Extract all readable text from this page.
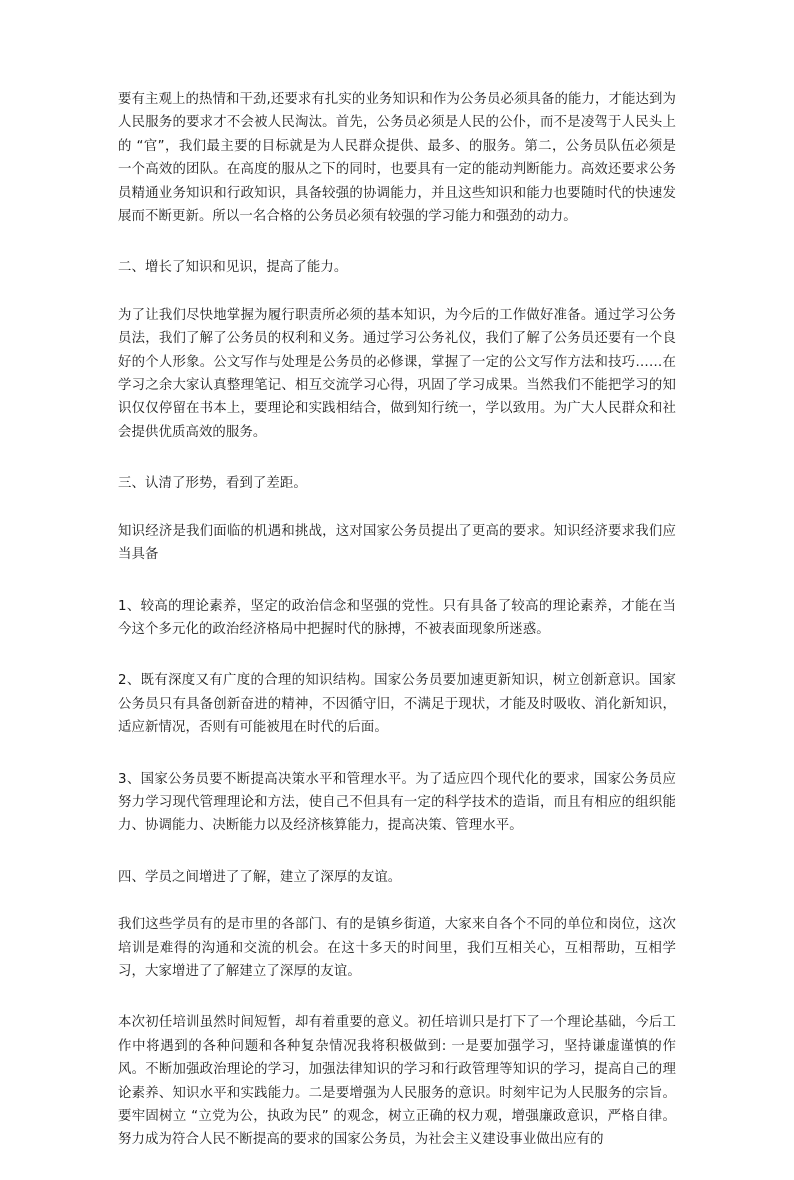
要有主观上的热情和干劲,还要求有扎实的业务知识和作为公务员必须具备的能力，才能达到为人民服务的要求才不会被人民淘汰。首先，公务员必须是人民的公仆，而不是凌驾于人民头上的 “官”，我们最主要的目标就是为人民群众提供、最多、的服务。第二，公务员队伍必须是一个高效的团队。在高度的服从之下的同时，也要具有一定的能动判断能力。高效还要求公务员精通业务知识和行政知识，具备较强的协调能力，并且这些知识和能力也要随时代的快速发展而不断更新。所以一名合格的公务员必须有较强的学习能力和强劲的动力。

二、增长了知识和见识，提高了能力。

为了让我们尽快地掌握为履行职责所必须的基本知识，为今后的工作做好准备。通过学习公务员法，我们了解了公务员的权利和义务。通过学习公务礼仪，我们了解了公务员还要有一个良好的个人形象。公文写作与处理是公务员的必修课，掌握了一定的公文写作方法和技巧……在学习之余大家认真整理笔记、相互交流学习心得，巩固了学习成果。当然我们不能把学习的知识仅仅停留在书本上，要理论和实践相结合，做到知行统一，学以致用。为广大人民群众和社会提供优质高效的服务。

三、认清了形势，看到了差距。

知识经济是我们面临的机遇和挑战，这对国家公务员提出了更高的要求。知识经济要求我们应当具备

1、较高的理论素养，坚定的政治信念和坚强的党性。只有具备了较高的理论素养，才能在当今这个多元化的政治经济格局中把握时代的脉搏，不被表面现象所迷惑。

2、既有深度又有广度的合理的知识结构。国家公务员要加速更新知识，树立创新意识。国家公务员只有具备创新奋进的精神，不因循守旧，不满足于现状，才能及时吸收、消化新知识，适应新情况，否则有可能被甩在时代的后面。

3、国家公务员要不断提高决策水平和管理水平。为了适应四个现代化的要求，国家公务员应努力学习现代管理理论和方法，使自己不但具有一定的科学技术的造诣，而且有相应的组织能力、协调能力、决断能力以及经济核算能力，提高决策、管理水平。

四、学员之间增进了了解，建立了深厚的友谊。

我们这些学员有的是市里的各部门、有的是镇乡街道，大家来自各个不同的单位和岗位，这次培训是难得的沟通和交流的机会。在这十多天的时间里，我们互相关心，互相帮助，互相学习，大家增进了了解建立了深厚的友谊。

本次初任培训虽然时间短暂，却有着重要的意义。初任培训只是打下了一个理论基础，今后工作中将遇到的各种问题和各种复杂情况我将积极做到: 一是要加强学习，坚持谦虚谨慎的作风。不断加强政治理论的学习，加强法律知识的学习和行政管理等知识的学习，提高自己的理论素养、知识水平和实践能力。二是要增强为人民服务的意识。时刻牢记为人民服务的宗旨。要牢固树立 “立党为公，执政为民” 的观念，树立正确的权力观，增强廉政意识，严格自律。努力成为符合人民不断提高的要求的国家公务员，为社会主义建设事业做出应有的
